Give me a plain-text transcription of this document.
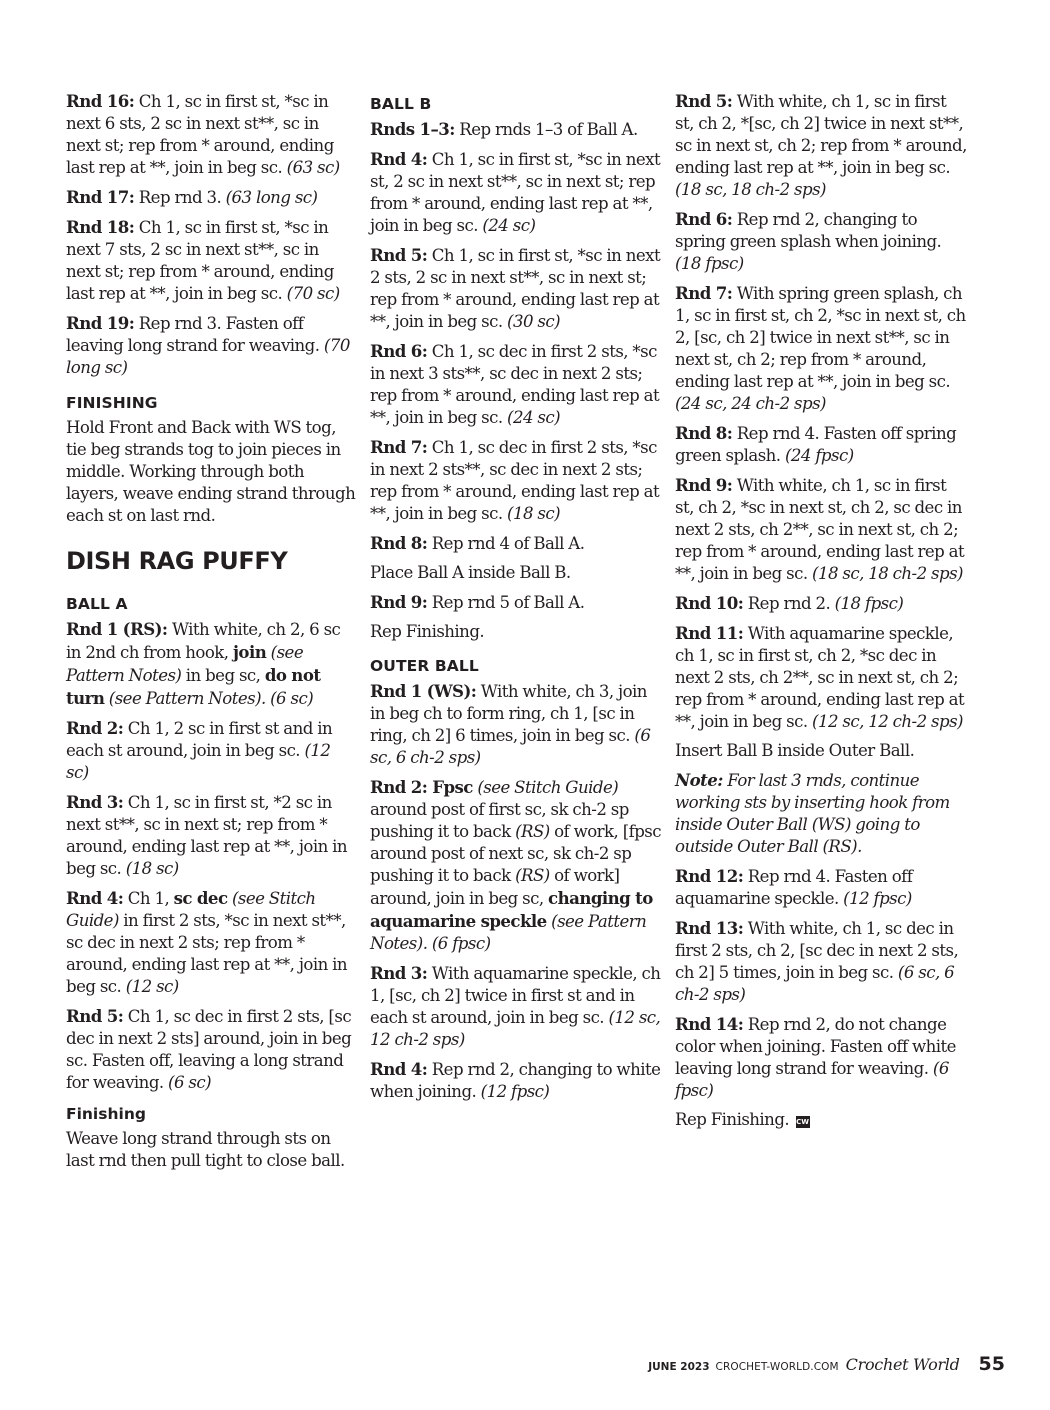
Rnd 16: Ch 1, sc in first st, *sc in next 6 sts, 2 sc in next st**, sc in next st; rep from * around, ending last rep at **, join in beg sc. (63 sc)

Rnd 17: Rep rnd 3. (63 long sc)

Rnd 18: Ch 1, sc in first st, *sc in next 7 sts, 2 sc in next st**, sc in next st; rep from * around, ending last rep at **, join in beg sc. (70 sc)

Rnd 19: Rep rnd 3. Fasten off leaving long strand for weaving. (70 long sc)

FINISHING

Hold Front and Back with WS tog, tie beg strands tog to join pieces in middle. Working through both layers, weave ending strand through each st on last rnd.

DISH RAG PUFFY
BALL A

Rnd 1 (RS): With white, ch 2, 6 sc in 2nd ch from hook, join (see Pattern Notes) in beg sc, do not turn (see Pattern Notes). (6 sc)

Rnd 2: Ch 1, 2 sc in first st and in each st around, join in beg sc. (12 sc)

Rnd 3: Ch 1, sc in first st, *2 sc in next st**, sc in next st; rep from * around, ending last rep at **, join in beg sc. (18 sc)

Rnd 4: Ch 1, sc dec (see Stitch Guide) in first 2 sts, *sc in next st**, sc dec in next 2 sts; rep from * around, ending last rep at **, join in beg sc. (12 sc)

Rnd 5: Ch 1, sc dec in first 2 sts, [sc dec in next 2 sts] around, join in beg sc. Fasten off, leaving a long strand for weaving. (6 sc)

Finishing

Weave long strand through sts on last rnd then pull tight to close ball.

BALL B

Rnds 1–3: Rep rnds 1–3 of Ball A.

Rnd 4: Ch 1, sc in first st, *sc in next st, 2 sc in next st**, sc in next st; rep from * around, ending last rep at **, join in beg sc. (24 sc)

Rnd 5: Ch 1, sc in first st, *sc in next 2 sts, 2 sc in next st**, sc in next st; rep from * around, ending last rep at **, join in beg sc. (30 sc)

Rnd 6: Ch 1, sc dec in first 2 sts, *sc in next 3 sts**, sc dec in next 2 sts; rep from * around, ending last rep at **, join in beg sc. (24 sc)

Rnd 7: Ch 1, sc dec in first 2 sts, *sc in next 2 sts**, sc dec in next 2 sts; rep from * around, ending last rep at **, join in beg sc. (18 sc)

Rnd 8: Rep rnd 4 of Ball A.

Place Ball A inside Ball B.

Rnd 9: Rep rnd 5 of Ball A.

Rep Finishing.

OUTER BALL

Rnd 1 (WS): With white, ch 3, join in beg ch to form ring, ch 1, [sc in ring, ch 2] 6 times, join in beg sc. (6 sc, 6 ch-2 sps)

Rnd 2: Fpsc (see Stitch Guide) around post of first sc, sk ch-2 sp pushing it to back (RS) of work, [fpsc around post of next sc, sk ch-2 sp pushing it to back (RS) of work] around, join in beg sc, changing to aquamarine speckle (see Pattern Notes). (6 fpsc)

Rnd 3: With aquamarine speckle, ch 1, [sc, ch 2] twice in first st and in each st around, join in beg sc. (12 sc, 12 ch-2 sps)

Rnd 4: Rep rnd 2, changing to white when joining. (12 fpsc)

Rnd 5: With white, ch 1, sc in first st, ch 2, *[sc, ch 2] twice in next st**, sc in next st, ch 2; rep from * around, ending last rep at **, join in beg sc. (18 sc, 18 ch-2 sps)

Rnd 6: Rep rnd 2, changing to spring green splash when joining. (18 fpsc)

Rnd 7: With spring green splash, ch 1, sc in first st, ch 2, *sc in next st, ch 2, [sc, ch 2] twice in next st**, sc in next st, ch 2; rep from * around, ending last rep at **, join in beg sc. (24 sc, 24 ch-2 sps)

Rnd 8: Rep rnd 4. Fasten off spring green splash. (24 fpsc)

Rnd 9: With white, ch 1, sc in first st, ch 2, *sc in next st, ch 2, sc dec in next 2 sts, ch 2**, sc in next st, ch 2; rep from * around, ending last rep at **, join in beg sc. (18 sc, 18 ch-2 sps)

Rnd 10: Rep rnd 2. (18 fpsc)

Rnd 11: With aquamarine speckle, ch 1, sc in first st, ch 2, *sc dec in next 2 sts, ch 2**, sc in next st, ch 2; rep from * around, ending last rep at **, join in beg sc. (12 sc, 12 ch-2 sps)

Insert Ball B inside Outer Ball.

Note: For last 3 rnds, continue working sts by inserting hook from inside Outer Ball (WS) going to outside Outer Ball (RS).

Rnd 12: Rep rnd 4. Fasten off aquamarine speckle. (12 fpsc)

Rnd 13: With white, ch 1, sc dec in first 2 sts, ch 2, [sc dec in next 2 sts, ch 2] 5 times, join in beg sc. (6 sc, 6 ch-2 sps)

Rnd 14: Rep rnd 2, do not change color when joining. Fasten off white leaving long strand for weaving. (6 fpsc)

Rep Finishing. CW

JUNE 2023 CROCHET-WORLD.COM Crochet World 55
